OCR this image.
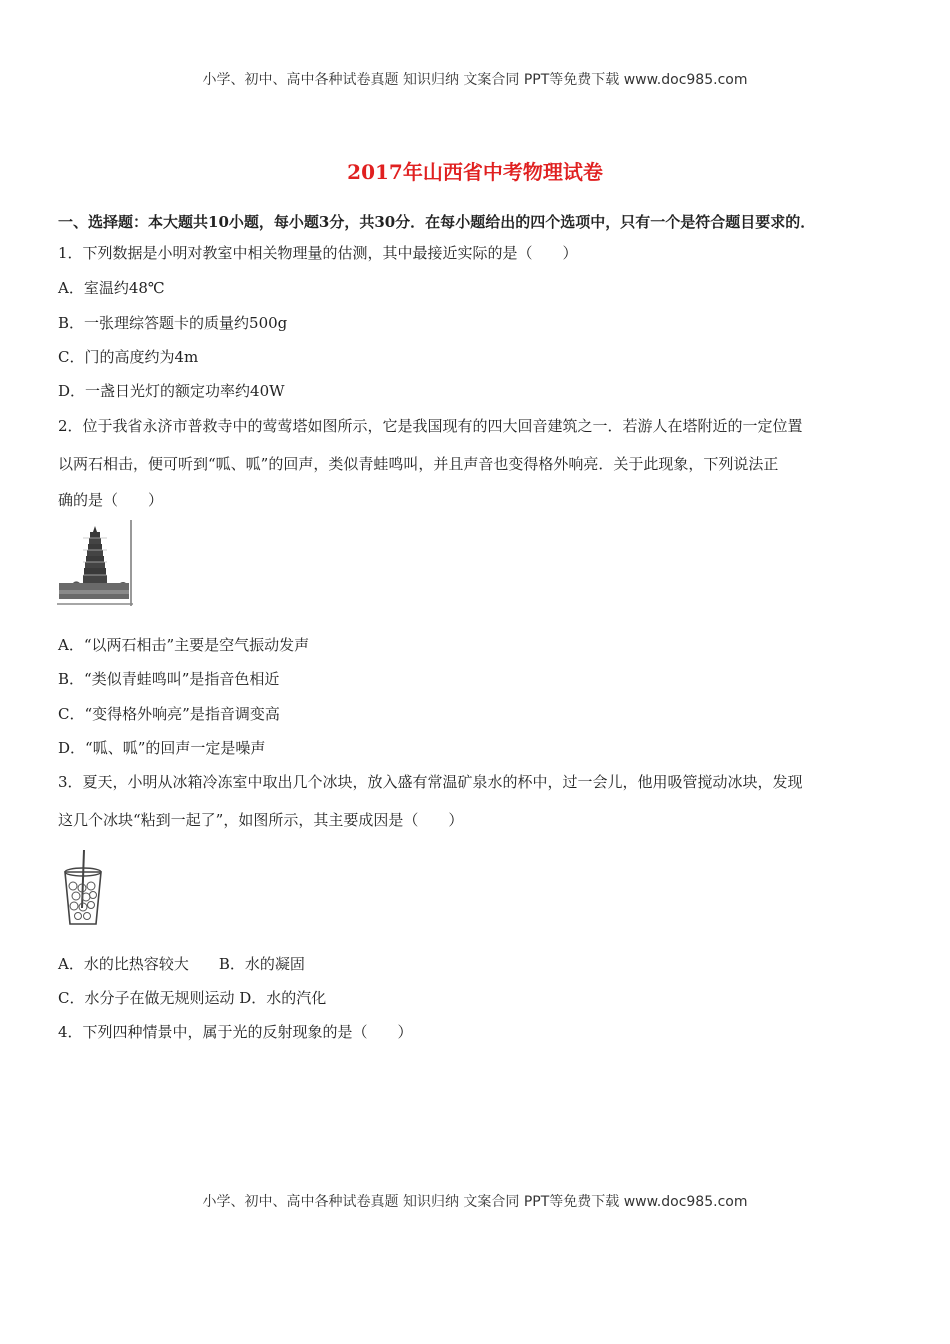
小学、初中、高中各种试卷真题 知识归纳 文案合同 PPT等免费下载 www.doc985.com
2017年山西省中考物理试卷
一、选择题：本大题共10小题，每小题3分，共30分．在每小题给出的四个选项中，只有一个是符合题目要求的．
1．下列数据是小明对教室中相关物理量的估测，其中最接近实际的是（　　）
A．室温约48℃
B．一张理综答题卡的质量约500g
C．门的高度约为4m
D．一盏日光灯的额定功率约40W
2．位于我省永济市普救寺中的莺莺塔如图所示，它是我国现有的四大回音建筑之一．若游人在塔附近的一定位置
以两石相击，便可听到“呱、呱”的回声，类似青蛙鸣叫，并且声音也变得格外响亮．关于此现象，下列说法正
确的是（　　）
A．“以两石相击”主要是空气振动发声
B．“类似青蛙鸣叫”是指音色相近
C．“变得格外响亮”是指音调变高
D．“呱、呱”的回声一定是噪声
3．夏天，小明从冰箱冷冻室中取出几个冰块，放入盛有常温矿泉水的杯中，过一会儿，他用吸管搅动冰块，发现
这几个冰块“粘到一起了”，如图所示，其主要成因是（　　）
A．水的比热容较大　　B．水的凝固
C．水分子在做无规则运动 D．水的汽化
4．下列四种情景中，属于光的反射现象的是（　　）
小学、初中、高中各种试卷真题 知识归纳 文案合同 PPT等免费下载 www.doc985.com
